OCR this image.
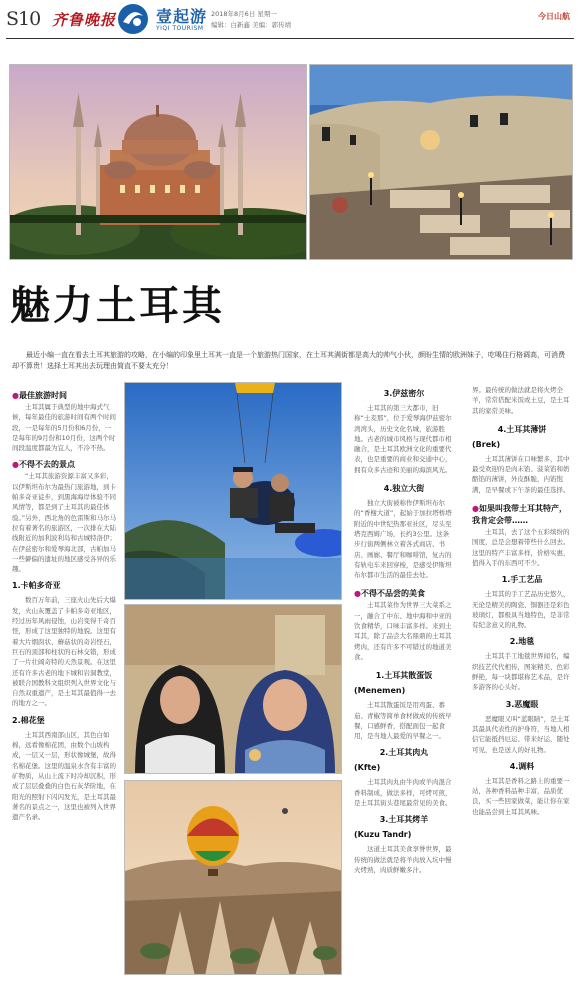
S10 齐鲁晚报 壹起游
YIQI TOURISM
2018年8月6日 星期一
编辑：白新鑫 美编：郭传靖
今日山航
魅力土耳其
最近小编一直在看去土耳其旅游的攻略，在小编的印象里土耳其一直是一个旅游热门国家，在土耳其满街都是高大的帅气小伙，颜盼生情的欧洲妹子，吃喝住行格调高，可消费却不算贵！选择土耳其出去玩理由简直不要太充分！
●最佳旅游时间

土耳其属于典型的地中海式气候，每年最佳的旅游时间有两个时间段，一是每年的5月份和6月份，一是每年的9月份和10月份，这两个时间段温度都最为宜人，不冷不热。

●不得不去的景点

“土耳其旅游资源丰富又多彩，以伊斯坦布尔为最热门旅游地，到卡帕多奇亚徒步，到黑海海岸体验不同风情等，都是到了土耳其的最佳体验。”另外，西北角的色雷斯和马尔马拉有着著名的旅游区，一次排在大陆线附近的加利波利岛和古城特洛伊；在伊兹密尔和爱琴海北部，古帕加马一些僻偏的遗址的地区感受各异的乐趣。

1.卡帕多奇亚

数百万年前，三座火山先后大爆发，火山灰覆盖了卡帕多奇亚地区，经过历年风雨侵蚀，山岩变得千奇百怪，形成了这里独特的地貌。这里有着大片烟囱状、蘑菇状的奇岩怪石，巨石的顶部和柱状的石林交错，形成了一片壮阔奇特的天然景观。在这里还有许多古老的地下城和岩洞教堂，被联合国教科文组织列入世界文化与自然双重遗产，是土耳其最值得一去的地方之一。

2.棉花堡

土耳其西南部山区，其色白如棉，远看像棉花团，由数个山坡构成，一层又一层，形状像城堡，故得名棉花堡。这里的温泉水含有丰富的矿物质，从山上流下时冷却沉积，形成了层层叠叠的白色石灰华阶地，在阳光的照射下闪闪发光，是土耳其最著名的景点之一，这里也被列入世界遗产名录。

3.伊兹密尔

土耳其的第三大都市，旧称“士麦那”，位于爱琴海伊兹密尔湾湾头，历史文化名城，旅游胜地。古老的城市风格与现代都市相融合，是土耳其欧洲文化的重要代表，也是重要的商业和交通中心，拥有众多古迹和美丽的海滨风光。

4.独立大街

独立大街被称作伊斯坦布尔的“香榭大道”，起始于加拉塔桥塔附近的中世纪热那亚社区，尽头至塔克西姆广场，长约3公里。这条步行街两侧林立着各式商店、书店、画廊、餐厅和咖啡馆，复古的有轨电车来回穿梭，是感受伊斯坦布尔都市生活的最佳去处。

●不得不品尝的美食

土耳其菜作为世界三大菜系之一，融合了中东、地中海和中亚的饮食精华，口味丰富多样。来到土耳其，除了品尝大名鼎鼎的土耳其烤肉，还有许多不可错过的地道美食。

1.土耳其散蛋饭
(Menemen)

土耳其散蛋饭是用鸡蛋、番茄、青椒等简单食材做成的传统早餐，口感鲜香，搭配面包一起食用，是当地人最爱的早餐之一。

2.土耳其肉丸
(Kfte)

土耳其肉丸由牛肉或羊肉混合香料制成，做法多样，可烤可煎，是土耳其街头巷尾最常见的美食。

3.土耳其烤羊
(Kuzu Tandr)

这道土耳其美食享誉世界，最传统的做法就是将羊肉放入坑中慢火烤熟，肉质鲜嫩多汁。

界。最传统的做法就是将火烤全羊，常常搭配米饭或土豆，是土耳其的家常美味。

4.土耳其薄饼
(Brek)

土耳其薄饼在口味繁多，其中最受欢迎的是肉末馅、菠菜馅和奶酪馅的薄饼，外皮酥脆，内馅饱满，是早餐或下午茶的最佳选择。

●如果叫我带土耳其特产，我肯定会带……

土耳其，去了这个五彩缤纷的国度，总是会想着带些什么回去。这里的特产丰富多样，价格实惠，值得入手的东西可不少。

1.手工艺品

土耳其的手工艺品历史悠久，无论是精美的陶瓷、铜器还是彩色玻璃灯，都极具当地特色，是非常有纪念意义的礼物。

2.地毯

土耳其手工地毯世界闻名，编织技艺代代相传，图案精美、色彩鲜艳，每一块都堪称艺术品，是许多游客的心头好。

3.恶魔眼

恶魔眼又叫“蓝眼睛”，是土耳其最具代表性的护身符，当地人相信它能抵挡厄运、带来好运，随处可见，也是送人的好礼物。

4.调料

土耳其是香料之路上的重要一站，各种香料品种丰富，品质优良，买一些回家做菜，能让你在家也能品尝到土耳其风味。
